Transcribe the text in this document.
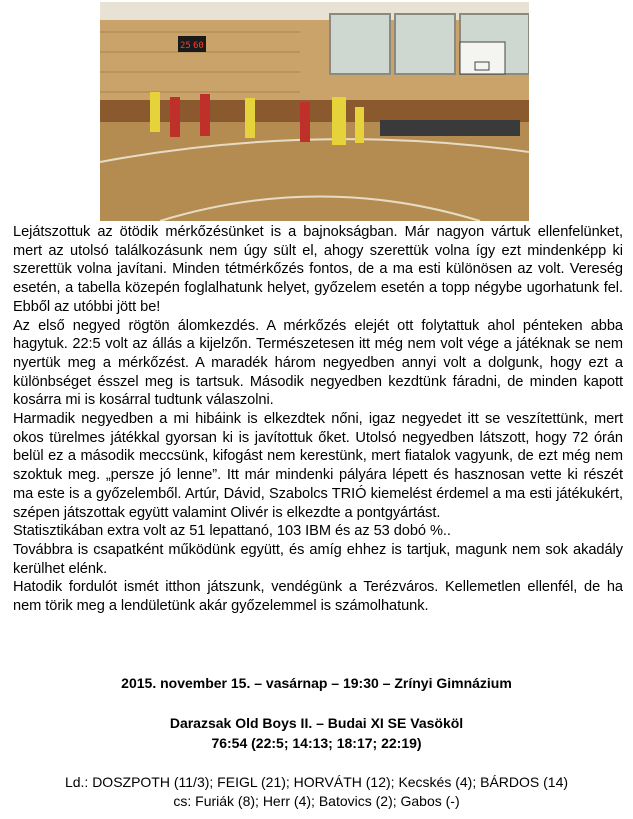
25 60

Lejátszottuk az ötödik mérkőzésünket is a bajnokságban. Már nagyon vártuk ellenfelünket, mert az utolsó találkozásunk nem úgy sült el, ahogy szerettük volna így ezt mindenképp ki szerettük volna javítani. Minden tétmérkőzés fontos, de a ma esti különösen az volt. Vereség esetén, a tabella közepén foglalhatunk helyet, győzelem esetén a topp négybe ugorhatunk fel. Ebből az utóbbi jött be!

Az első negyed rögtön álomkezdés. A mérkőzés elejét ott folytattuk ahol pénteken abba hagytuk. 22:5 volt az állás a kijelzőn. Természetesen itt még nem volt vége a játéknak se nem nyertük meg a mérkőzést. A maradék három negyedben annyi volt a dolgunk, hogy ezt a különbséget ésszel meg is tartsuk. Második negyedben kezdtünk fáradni, de minden kapott kosárra mi is kosárral tudtunk válaszolni.

Harmadik negyedben a mi hibáink is elkezdtek nőni, igaz negyedet itt se veszítettünk, mert okos türelmes játékkal gyorsan ki is javítottuk őket. Utolsó negyedben látszott, hogy 72 órán belül ez a második meccsünk, kifogást nem kerestünk, mert fiatalok vagyunk, de ezt még nem szoktuk meg. „persze jó lenne”. Itt már mindenki pályára lépett és hasznosan vette ki részét ma este is a győzelemből. Artúr, Dávid, Szabolcs TRIÓ kiemelést érdemel a ma esti játékukért, szépen játszottak együtt valamint Olivér is elkezdte a pontgyártást.

Statisztikában extra volt az 51 lepattanó, 103 IBM és az 53 dobó %..

Továbbra is csapatként működünk együtt, és amíg ehhez is tartjuk, magunk nem sok akadály kerülhet elénk.

Hatodik fordulót ismét itthon játszunk, vendégünk a Terézváros. Kellemetlen ellenfél, de ha nem törik meg a lendületünk akár győzelemmel is számolhatunk.

2015. november 15. – vasárnap – 19:30 – Zrínyi Gimnázium
Darazsak Old Boys II. – Budai XI SE Vasököl
76:54 (22:5; 14:13; 18:17; 22:19)
Ld.: DOSZPOTH (11/3); FEIGL (21); HORVÁTH (12); Kecskés (4); BÁRDOS (14)
cs: Furiák (8); Herr (4); Batovics (2); Gabos (-)
